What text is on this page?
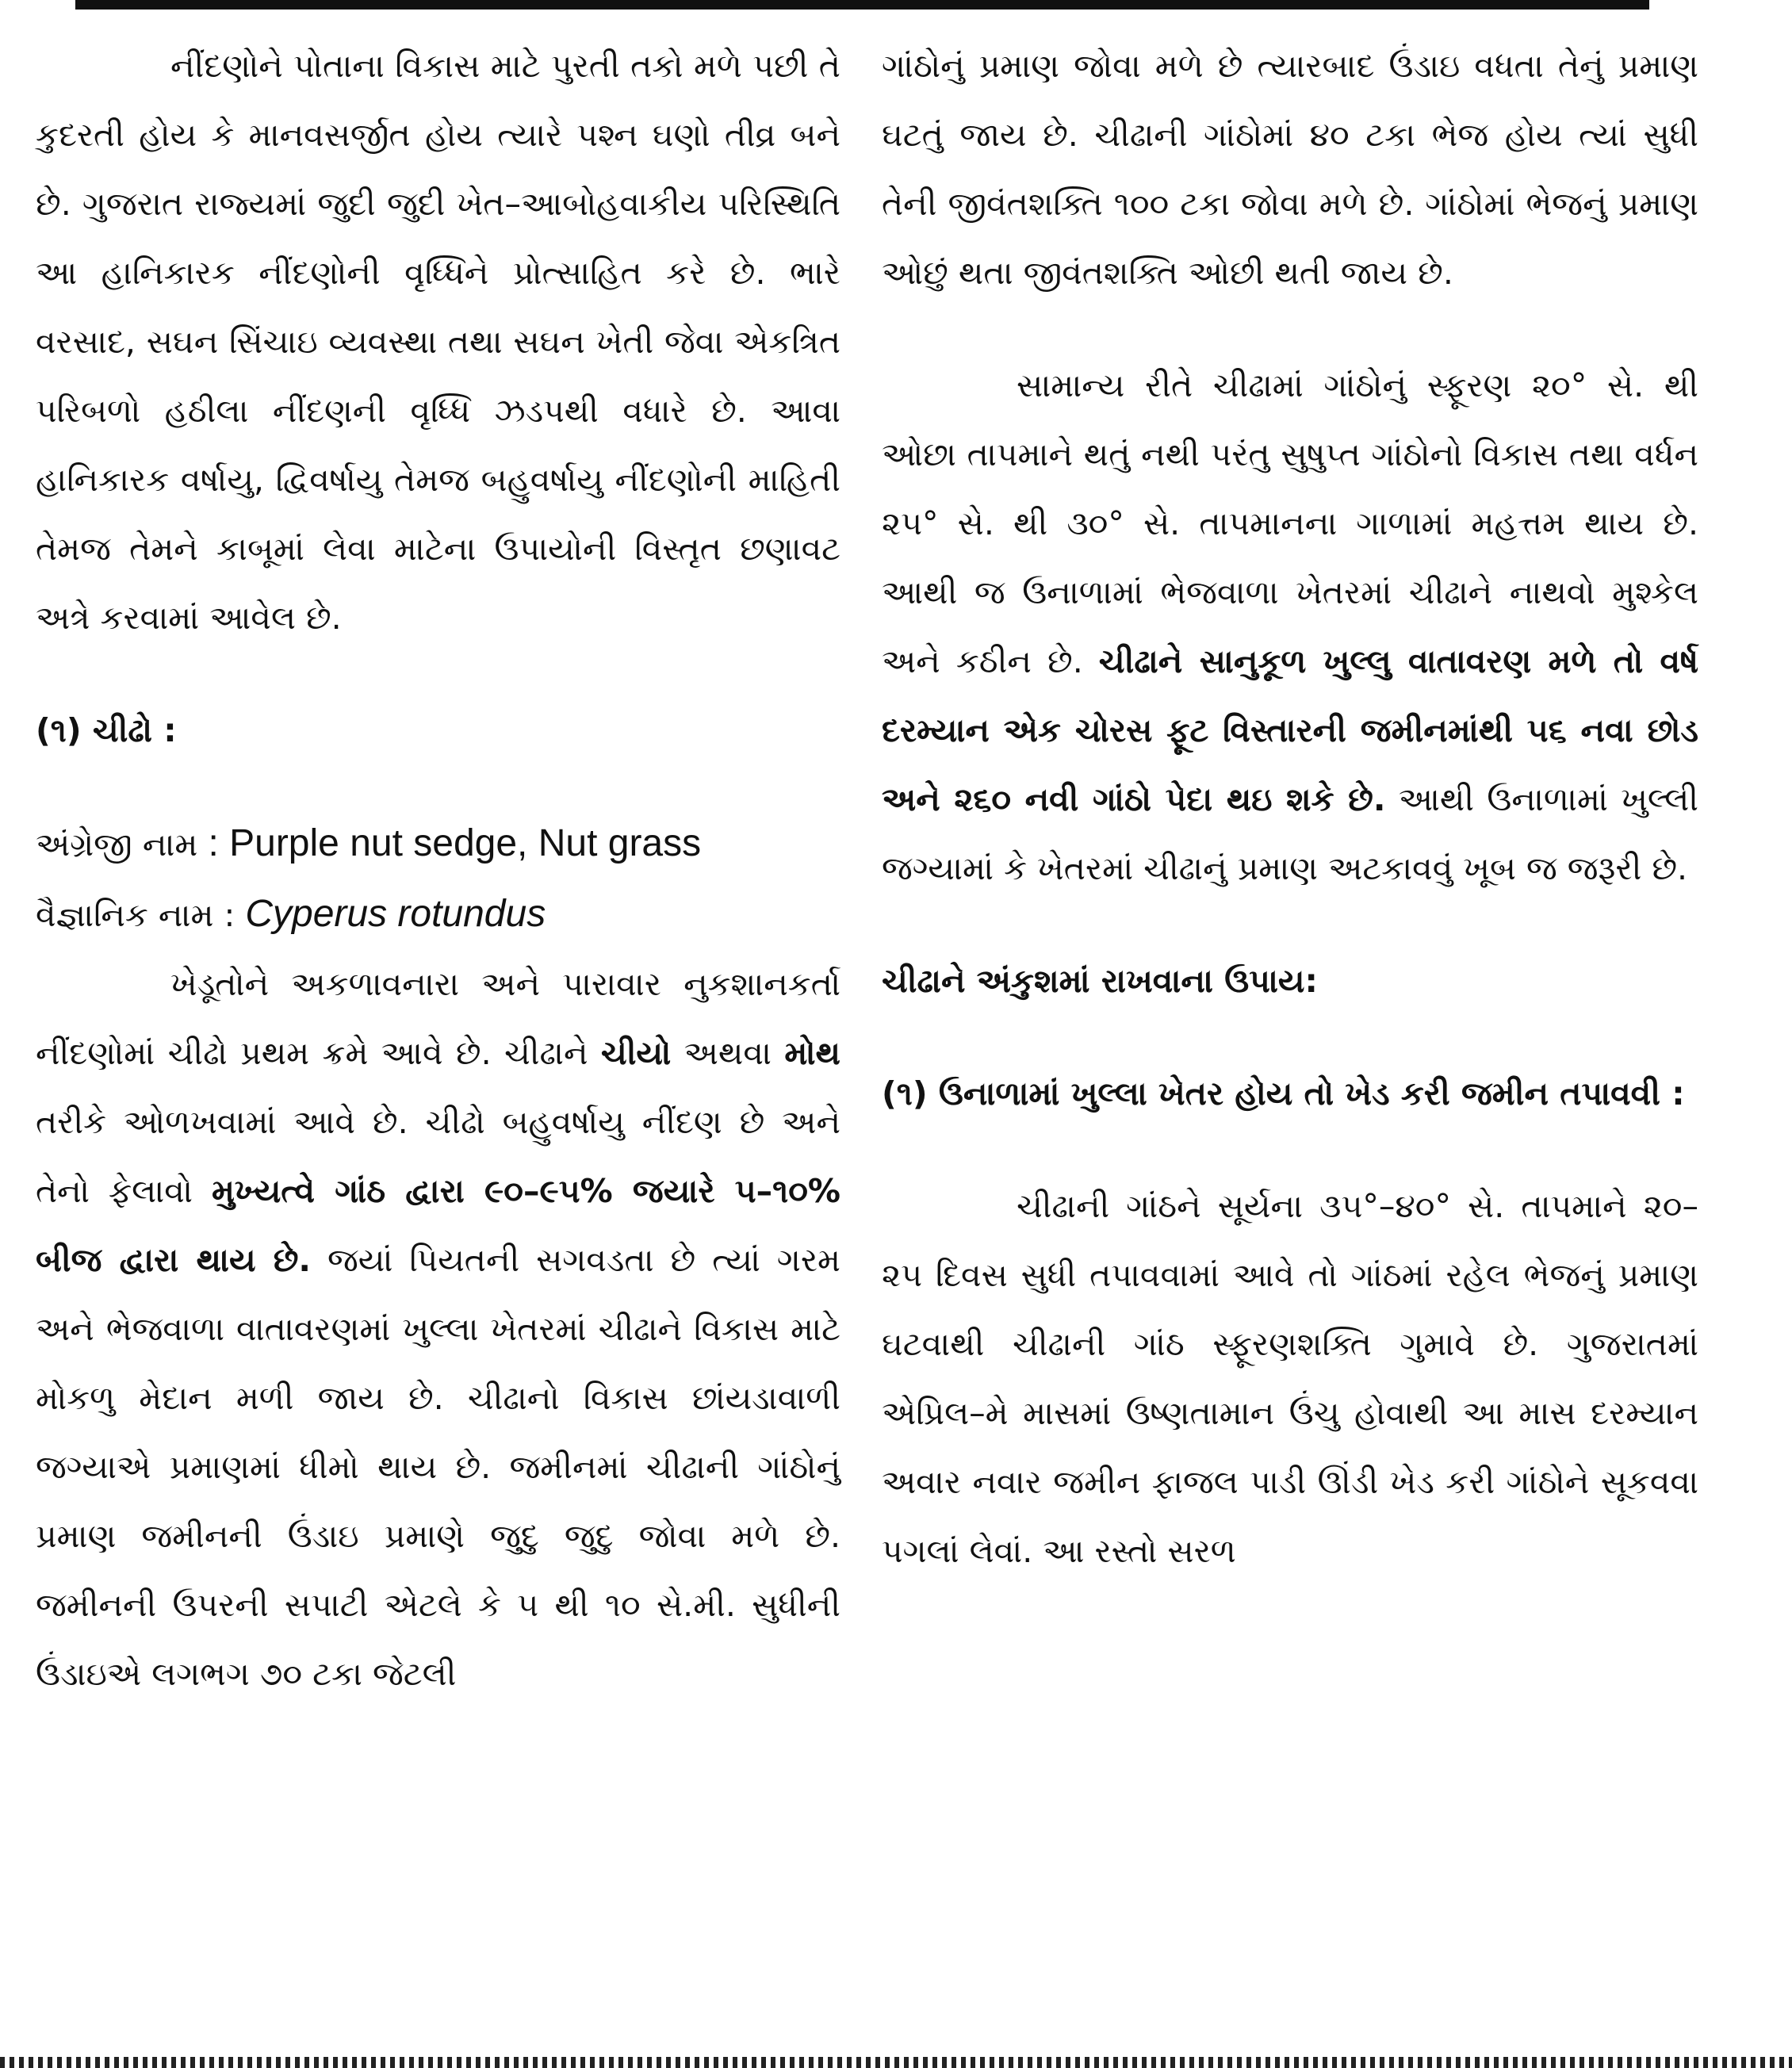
નીંદણોને પોતાના વિકાસ માટે પુરતી તકો મળે પછી તે કુદરતી હોય કે માનવસર્જીત હોય ત્યારે પશ્ન ઘણો તીવ્ર બને છે. ગુજરાત રાજ્યમાં જુદી જુદી ખેત–આબોહવાકીય પરિસ્થિતિ આ હાનિકારક નીંદણોની વૃધ્ધિને પ્રોત્સાહિત કરે છે. ભારે વરસાદ, સઘન સિંચાઇ વ્યવસ્થા તથા સઘન ખેતી જેવા એકત્રિત પરિબળો હઠીલા નીંદણની વૃધ્ધિ ઝડપથી વધારે છે. આવા હાનિકારક વર્ષાયુ, દ્વિવર્ષાયુ તેમજ બહુવર્ષાયુ નીંદણોની માહિતી તેમજ તેમને કાબૂમાં લેવા માટેના ઉપાયોની વિસ્તૃત છણાવટ અત્રે કરવામાં આવેલ છે.

(૧) ચીઢો :

અંગ્રેજી નામ : Purple nut sedge, Nut grass

વૈજ્ઞાનિક નામ : Cyperus rotundus

ખેડૂતોને અકળાવનારા અને પારાવાર નુકશાનકર્તા નીંદણોમાં ચીઢો પ્રથમ ક્રમે આવે છે. ચીઢાને ચીયો અથવા મોથ તરીકે ઓળખવામાં આવે છે. ચીઢો બહુવર્ષાયુ નીંદણ છે અને તેનો ફેલાવો મુખ્યત્વે ગાંઠ દ્વારા ૯૦–૯૫% જયારે ૫–૧૦% બીજ દ્વારા થાય છે. જયાં પિયતની સગવડતા છે ત્યાં ગરમ અને ભેજવાળા વાતાવરણમાં ખુલ્લા ખેતરમાં ચીઢાને વિકાસ માટે મોકળુ મેદાન મળી જાય છે. ચીઢાનો વિકાસ છાંયડાવાળી જગ્યાએ પ્રમાણમાં ધીમો થાય છે. જમીનમાં ચીઢાની ગાંઠોનું પ્રમાણ જમીનની ઉંડાઇ પ્રમાણે જુદુ જુદુ જોવા મળે છે. જમીનની ઉપરની સપાટી એટલે કે ૫ થી ૧૦ સે.મી. સુધીની ઉંડાઇએ લગભગ ૭૦ ટકા જેટલી

ગાંઠોનું પ્રમાણ જોવા મળે છે ત્યારબાદ ઉંડાઇ વધતા તેનું પ્રમાણ ઘટતું જાય છે. ચીઢાની ગાંઠોમાં ૪૦ ટકા ભેજ હોય ત્યાં સુધી તેની જીવંતશક્તિ ૧૦૦ ટકા જોવા મળે છે. ગાંઠોમાં ભેજનું પ્રમાણ ઓછું થતા જીવંતશક્તિ ઓછી થતી જાય છે.

સામાન્ય રીતે ચીઢામાં ગાંઠોનું સ્ફૂરણ ૨૦° સે. થી ઓછા તાપમાને થતું નથી પરંતુ સુષુપ્ત ગાંઠોનો વિકાસ તથા વર્ધન ૨૫° સે. થી ૩૦° સે. તાપમાનના ગાળામાં મહત્તમ થાય છે. આથી જ ઉનાળામાં ભેજવાળા ખેતરમાં ચીઢાને નાથવો મુશ્કેલ અને કઠીન છે. ચીઢાને સાનુકૂળ ખુલ્લુ વાતાવરણ મળે તો વર્ષ દરમ્યાન એક ચોરસ ફૂટ વિસ્તારની જમીનમાંથી ૫૬ નવા છોડ અને ૨૬૦ નવી ગાંઠો પેદા થઇ શકે છે. આથી ઉનાળામાં ખુલ્લી જગ્યામાં કે ખેતરમાં ચીઢાનું પ્રમાણ અટકાવવું ખૂબ જ જરૂરી છે.

ચીઢાને અંકુશમાં રાખવાના ઉપાય:

(૧) ઉનાળામાં ખુલ્લા ખેતર હોય તો ખેડ કરી જમીન તપાવવી :

ચીઢાની ગાંઠને સૂર્યના ૩૫°–૪૦° સે. તાપમાને ૨૦–૨૫ દિવસ સુધી તપાવવામાં આવે તો ગાંઠમાં રહેલ ભેજનું પ્રમાણ ઘટવાથી ચીઢાની ગાંઠ સ્ફૂરણશક્તિ ગુમાવે છે. ગુજરાતમાં એપ્રિલ–મે માસમાં ઉષ્ણતામાન ઉંચુ હોવાથી આ માસ દરમ્યાન અવાર નવાર જમીન ફાજલ પાડી ઊંડી ખેડ કરી ગાંઠોને સૂકવવા પગલાં લેવાં. આ રસ્તો સરળ
